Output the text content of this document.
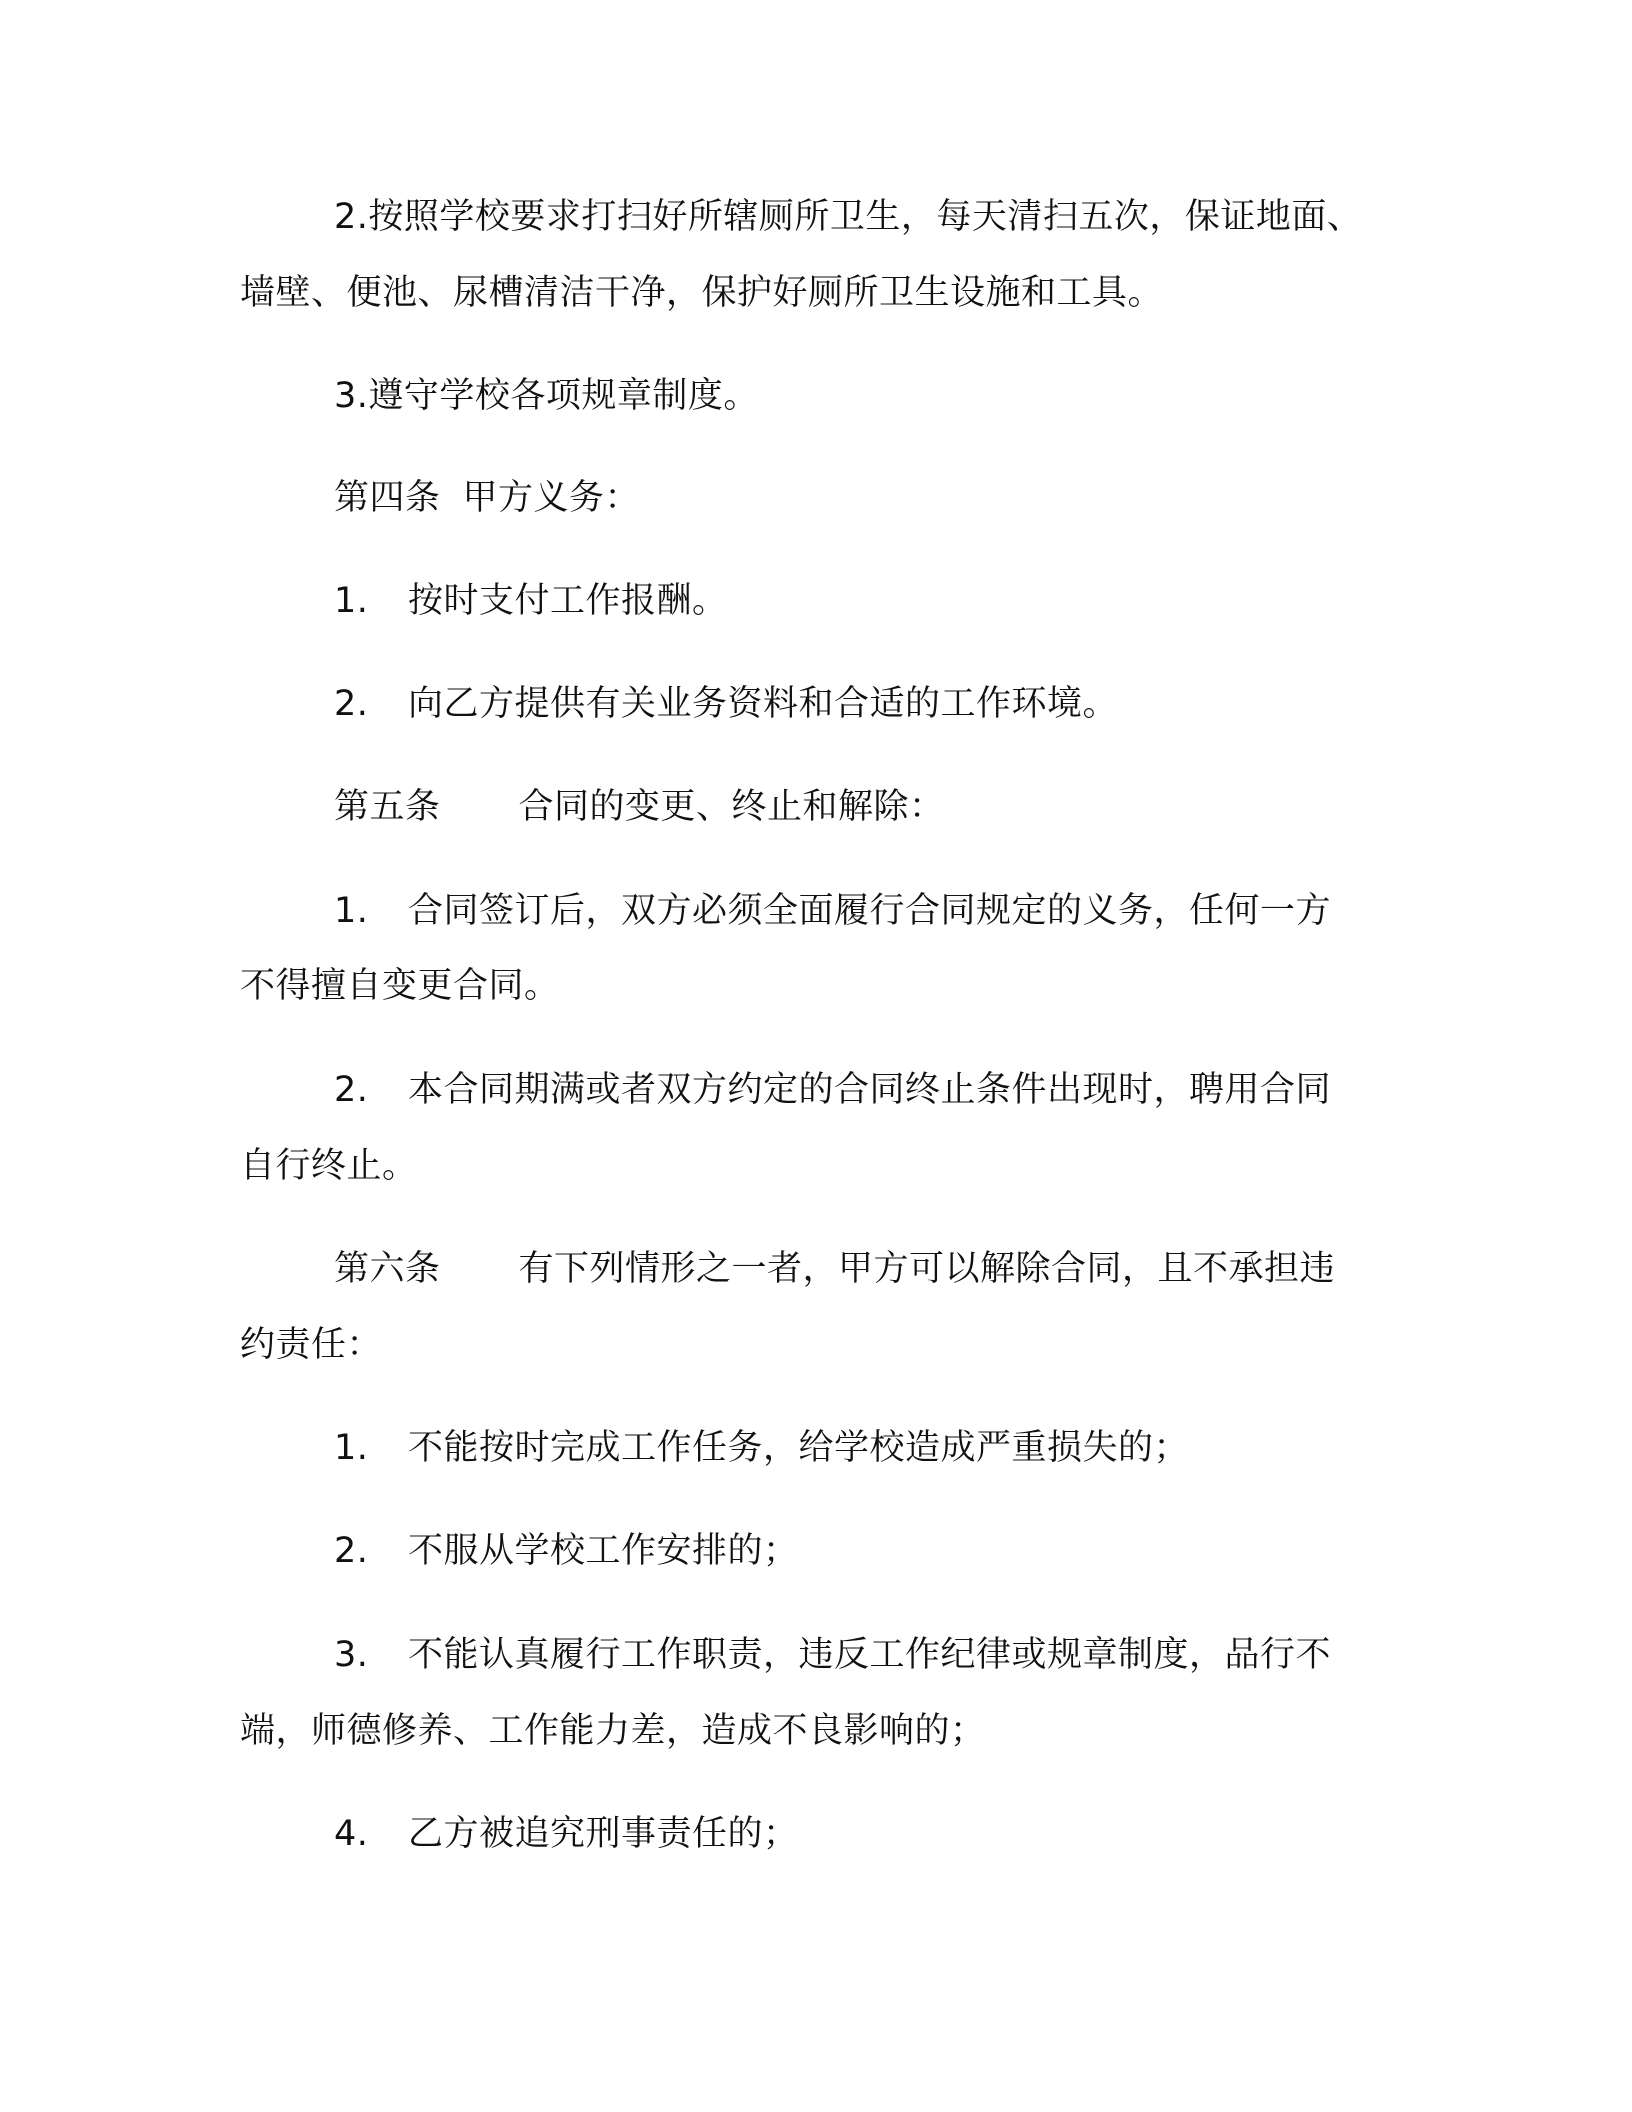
2.按照学校要求打扫好所辖厕所卫生，每天清扫五次，保证地面、
墙壁、便池、尿槽清洁干净，保护好厕所卫生设施和工具。
3.遵守学校各项规章制度。
第四条 甲方义务：
1. 按时支付工作报酬。
2. 向乙方提供有关业务资料和合适的工作环境。
第五条 合同的变更、终止和解除：
1. 合同签订后，双方必须全面履行合同规定的义务，任何一方
不得擅自变更合同。
2. 本合同期满或者双方约定的合同终止条件出现时，聘用合同
自行终止。
第六条 有下列情形之一者，甲方可以解除合同，且不承担违
约责任：
1. 不能按时完成工作任务，给学校造成严重损失的；
2. 不服从学校工作安排的；
3. 不能认真履行工作职责，违反工作纪律或规章制度，品行不
端，师德修养、工作能力差，造成不良影响的；
4. 乙方被追究刑事责任的；
